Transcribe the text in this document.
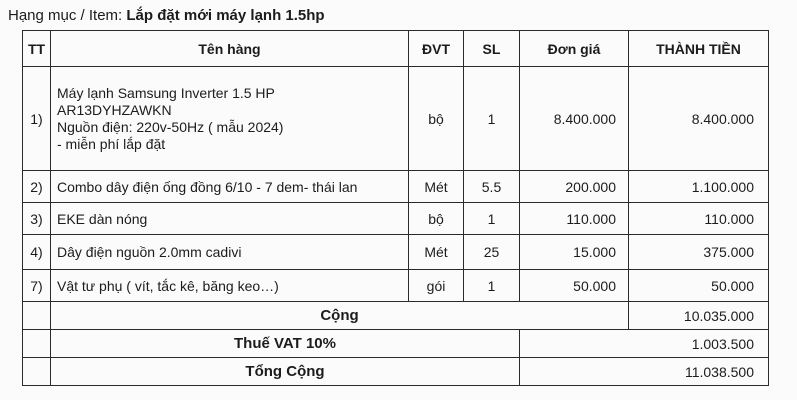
Hạng mục / Item: Lắp đặt mới máy lạnh 1.5hp
TT	Tên hàng	ĐVT	SL	Đơn giá	THÀNH TIỀN
1)	Máy lạnh Samsung Inverter 1.5 HP
AR13DYHZAWKN
Nguồn điện: 220v-50Hz ( mẫu 2024)
- miễn phí lắp đặt	bộ	1	8.400.000	8.400.000
2)	Combo dây điện ống đồng 6/10 - 7 dem- thái lan	Mét	5.5	200.000	1.100.000
3)	EKE dàn nóng	bộ	1	110.000	110.000
4)	Dây điện nguồn 2.0mm cadivi	Mét	25	15.000	375.000
7)	Vật tư phụ ( vít, tắc kê, băng keo…)	gói	1	50.000	50.000
	Cộng				10.035.000
	Thuế VAT 10%			1.003.500	
	Tổng Cộng			11.038.500	
